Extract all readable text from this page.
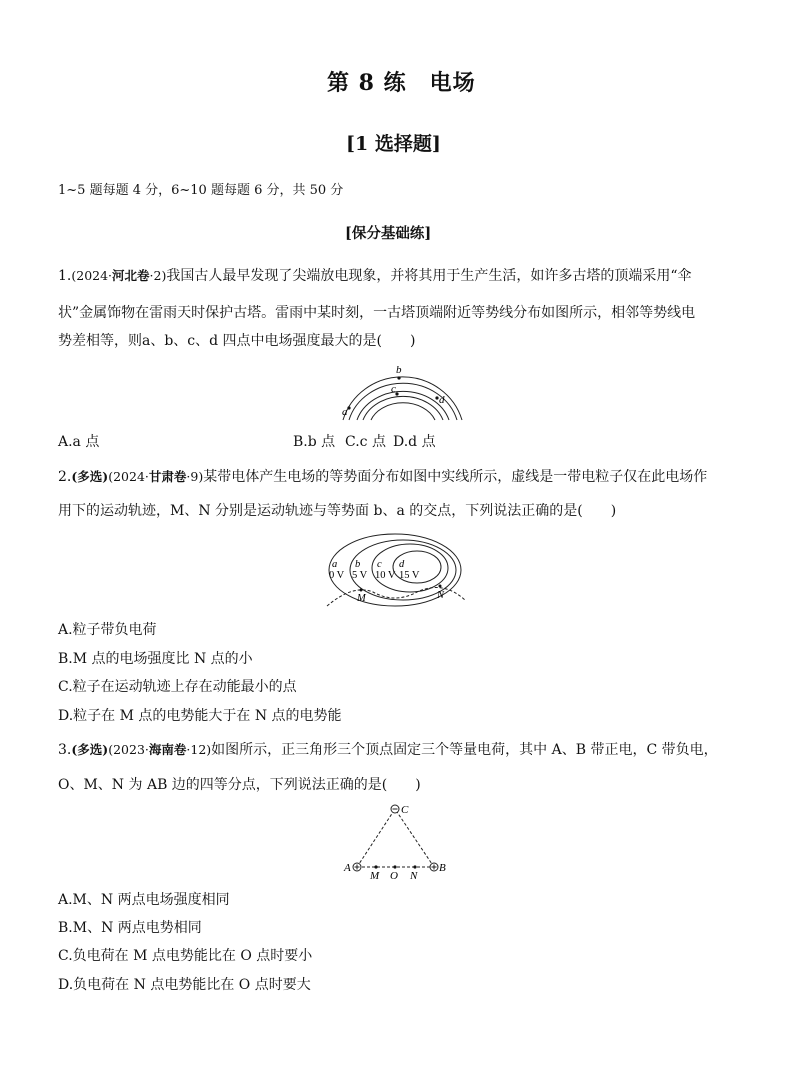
第 8 练　电场
[1 选择题]
1~5 题每题 4 分，6~10 题每题 6 分，共 50 分
[保分基础练]
1.(2024·河北卷·2)我国古人最早发现了尖端放电现象，并将其用于生产生活，如许多古塔的顶端采用“伞
状”金属饰物在雷雨天时保护古塔。雷雨中某时刻，一古塔顶端附近等势线分布如图所示，相邻等势线电
势差相等，则a、b、c、d 四点中电场强度最大的是(　　)
a
b
c
d
A.a 点	B.b 点 C.c 点 D.d 点
2.(多选)(2024·甘肃卷·9)某带电体产生电场的等势面分布如图中实线所示，虚线是一带电粒子仅在此电场作
用下的运动轨迹，M、N 分别是运动轨迹与等势面 b、a 的交点，下列说法正确的是(　　)
a b c d
0 V 5 V 10 V 15 V
M	N
A.粒子带负电荷
B.M 点的电场强度比 N 点的小
C.粒子在运动轨迹上存在动能最小的点
D.粒子在 M 点的电势能大于在 N 点的电势能
3.(多选)(2023·海南卷·12)如图所示，正三角形三个顶点固定三个等量电荷，其中 A、B 带正电，C 带负电，
O、M、N 为 AB 边的四等分点，下列说法正确的是(　　)
C
A	B
M O N
A.M、N 两点电场强度相同
B.M、N 两点电势相同
C.负电荷在 M 点电势能比在 O 点时要小
D.负电荷在 N 点电势能比在 O 点时要大
